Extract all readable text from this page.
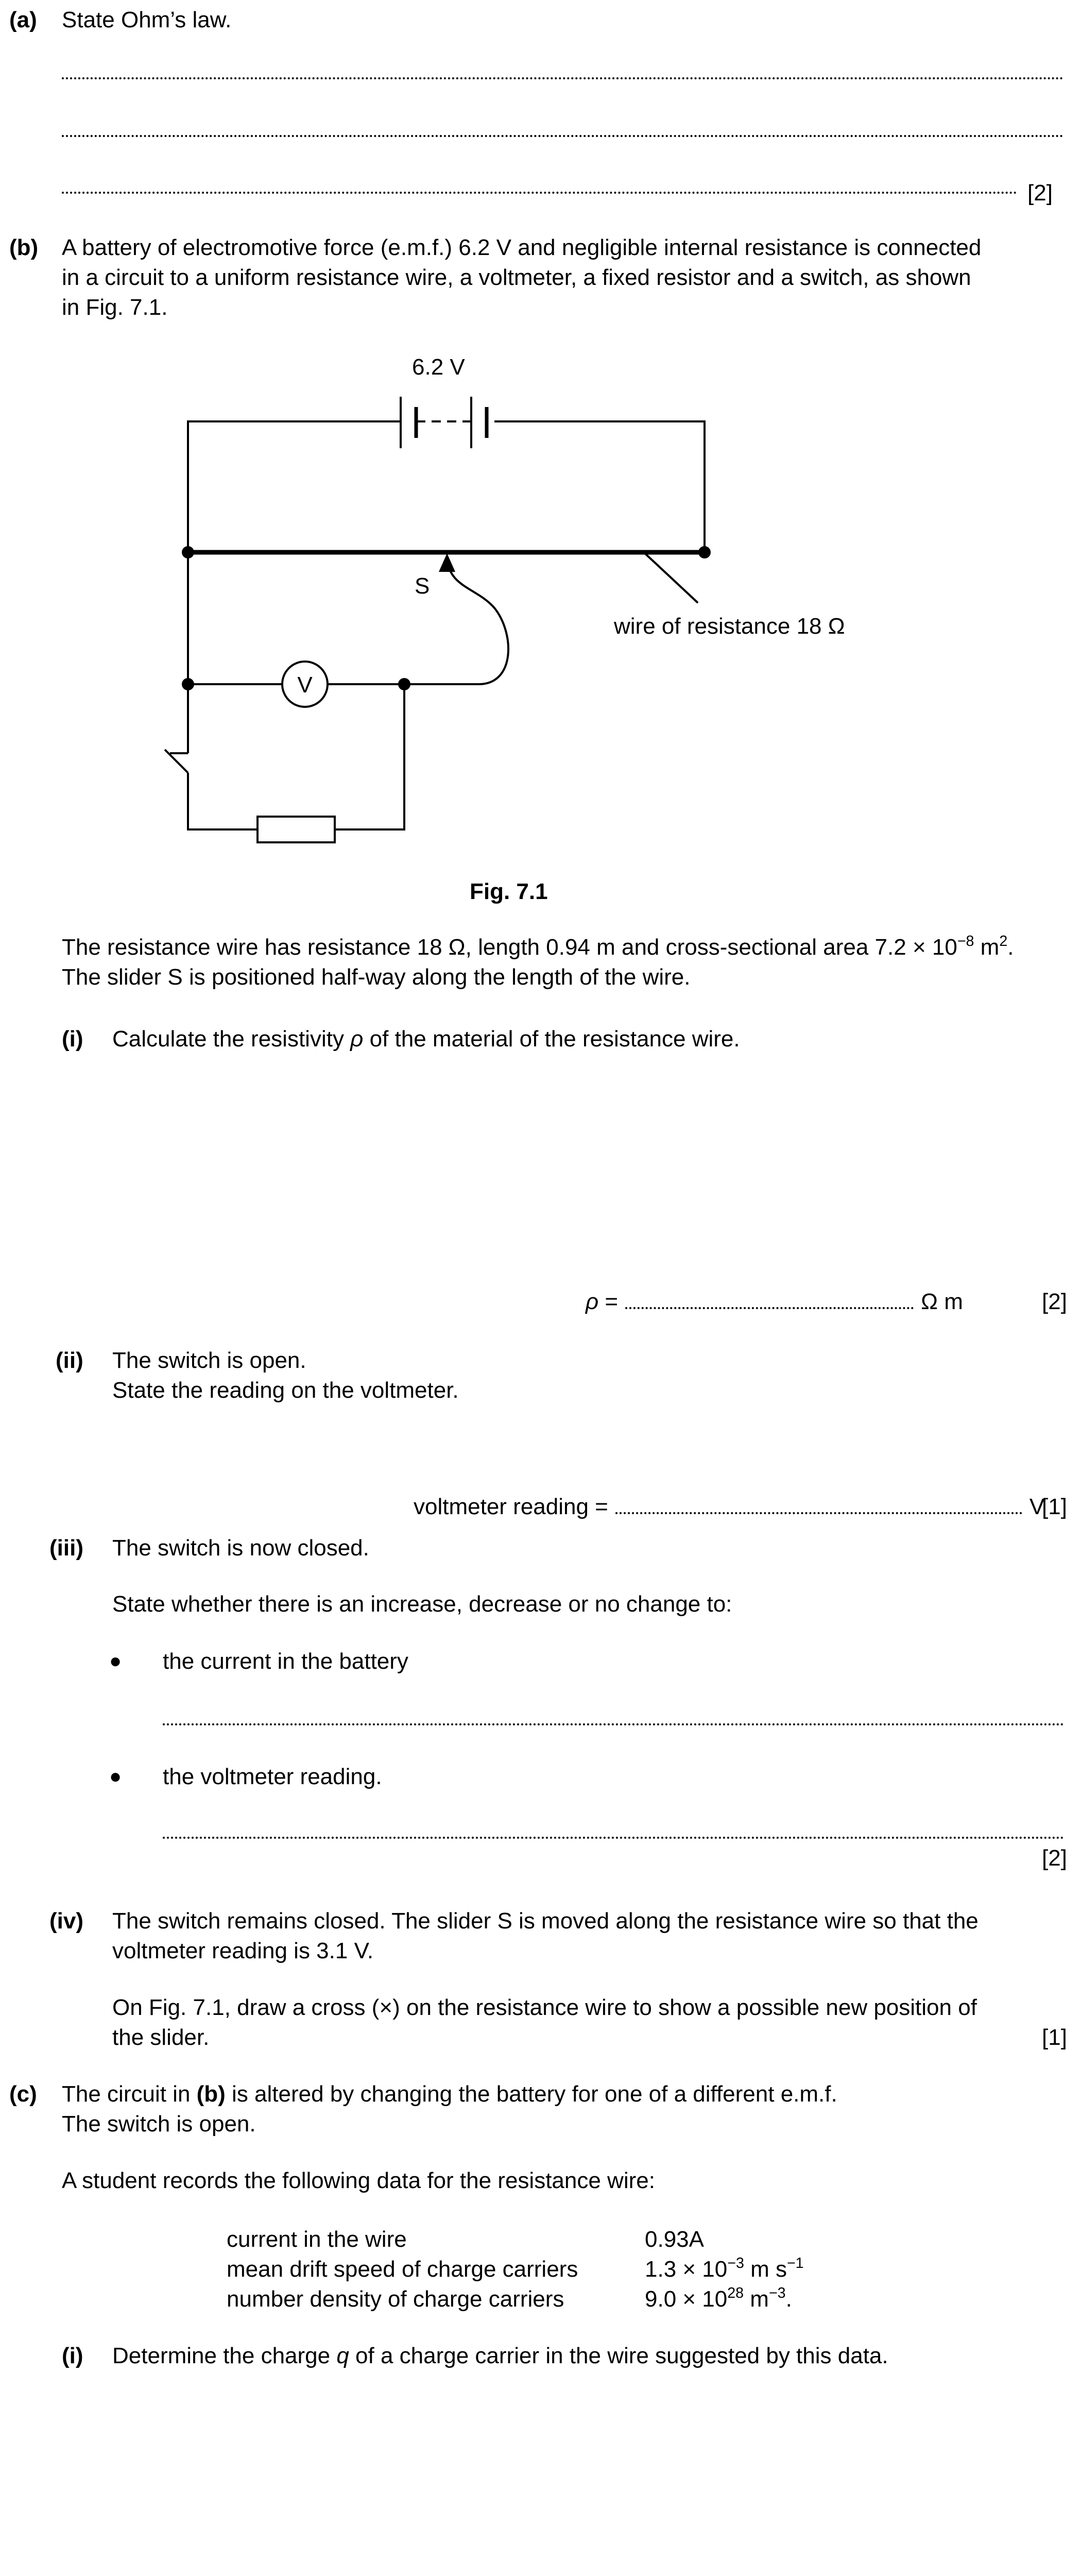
(a) State Ohm’s law.
[2]
(b) A battery of electromotive force (e.m.f.) 6.2 V and negligible internal resistance is connected
in a circuit to a uniform resistance wire, a voltmeter, a fixed resistor and a switch, as shown
in Fig. 7.1.
6.2 V
S
V
wire of resistance 18 Ω
Fig. 7.1
The resistance wire has resistance 18 Ω, length 0.94 m and cross-sectional area $7.2 \times 10^{-8}$ $m^2$.
The slider S is positioned half-way along the length of the wire.
(i) Calculate the resistivity ρ of the material of the resistance wire.
ρ =	Ω m	[2]
(ii) The switch is open.
State the reading on the voltmeter.
voltmeter reading =	V
[1]
(iii) The switch is now closed.
State whether there is an increase, decrease or no change to:
● the current in the battery
● the voltmeter reading.
[2]
(iv) The switch remains closed. The slider S is moved along the resistance wire so that the
voltmeter reading is 3.1 V.
On Fig. 7.1, draw a cross (×) on the resistance wire to show a possible new position of
the slider.	[1]
(c) The circuit in (b) is altered by changing the battery for one of a different e.m.f.
The switch is open.
A student records the following data for the resistance wire:
current in the wire	0.93A
mean drift speed of charge carriers	$1.3 \times 10^{-3}$ m $s^{-1}$
number density of charge carriers	$9.0 \times 10^{28}$ $m^{-3}$.
(i) Determine the charge q of a charge carrier in the wire suggested by this data.
